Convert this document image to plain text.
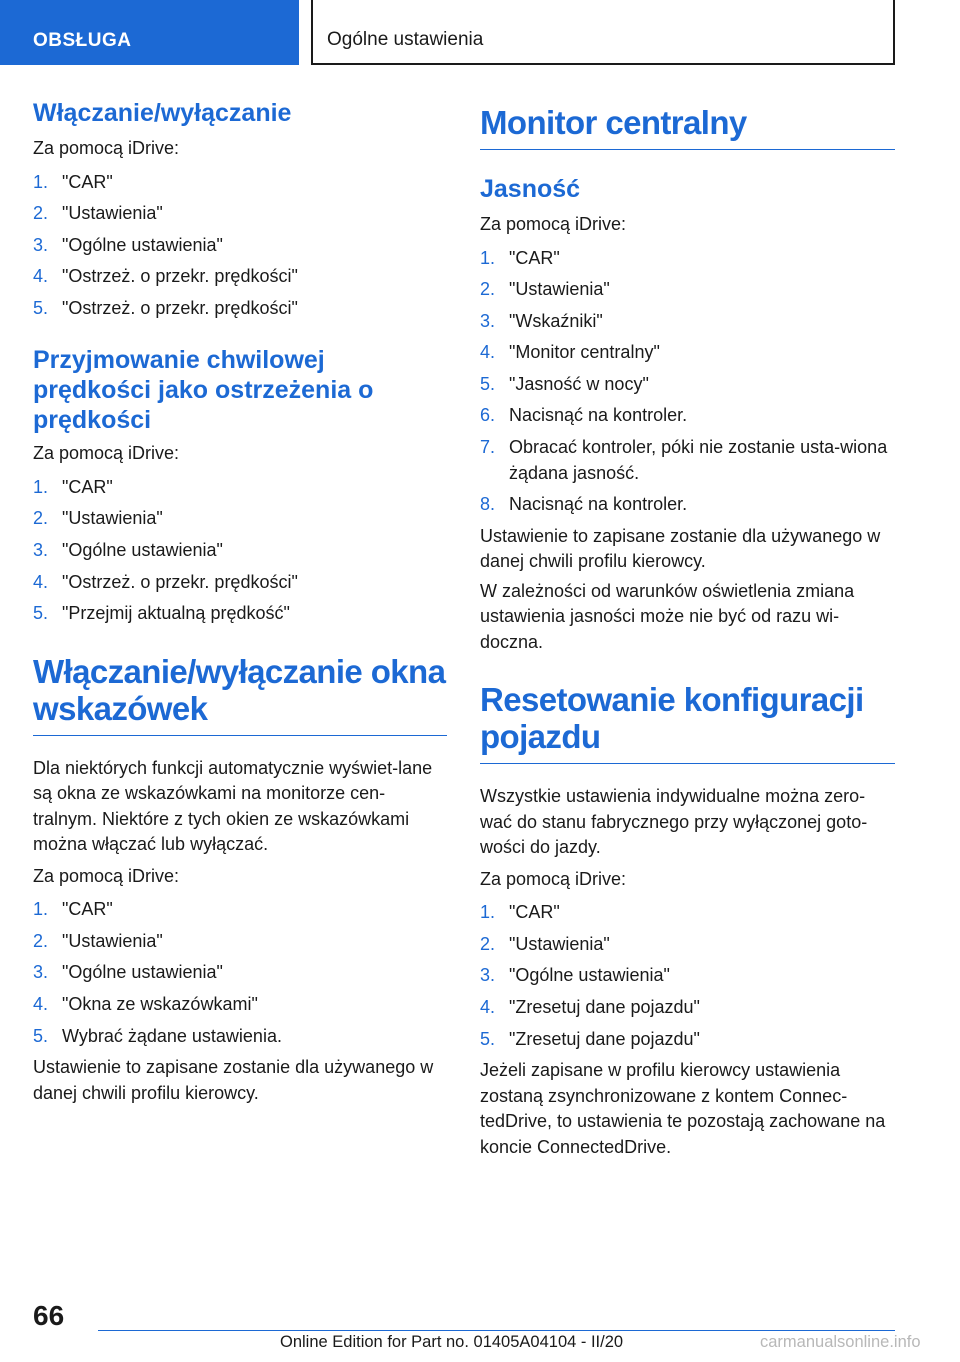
OBSŁUGA	Ogólne ustawienia
Włączanie/wyłączanie

Za pomocą iDrive:

1. "CAR"
2. "Ustawienia"
3. "Ogólne ustawienia"
4. "Ostrzeż. o przekr. prędkości"
5. "Ostrzeż. o przekr. prędkości"
Przyjmowanie chwilowej prędkości jako ostrzeżenia o prędkości

Za pomocą iDrive:

1. "CAR"
2. "Ustawienia"
3. "Ogólne ustawienia"
4. "Ostrzeż. o przekr. prędkości"
5. "Przejmij aktualną prędkość"
Włączanie/wyłączanie okna wskazówek

Dla niektórych funkcji automatycznie wyświet-lane są okna ze wskazówkami na monitorze cen-tralnym. Niektóre z tych okien ze wskazówkami można włączać lub wyłączać.

Za pomocą iDrive:

1. "CAR"
2. "Ustawienia"
3. "Ogólne ustawienia"
4. "Okna ze wskazówkami"
5. Wybrać żądane ustawienia.

Ustawienie to zapisane zostanie dla używanego w danej chwili profilu kierowcy.

Monitor centralny
Jasność

Za pomocą iDrive:

1. "CAR"
2. "Ustawienia"
3. "Wskaźniki"
4. "Monitor centralny"
5. "Jasność w nocy"
6. Nacisnąć na kontroler.
7. Obracać kontroler, póki nie zostanie usta-wiona żądana jasność.
8. Nacisnąć na kontroler.

Ustawienie to zapisane zostanie dla używanego w danej chwili profilu kierowcy.

W zależności od warunków oświetlenia zmiana ustawienia jasności może nie być od razu wi-doczna.

Resetowanie konfiguracji pojazdu

Wszystkie ustawienia indywidualne można zero-wać do stanu fabrycznego przy wyłączonej goto-wości do jazdy.

Za pomocą iDrive:

1. "CAR"
2. "Ustawienia"
3. "Ogólne ustawienia"
4. "Zresetuj dane pojazdu"
5. "Zresetuj dane pojazdu"

Jeżeli zapisane w profilu kierowcy ustawienia zostaną zsynchronizowane z kontem Connec-tedDrive, to ustawienia te pozostają zachowane na koncie ConnectedDrive.

66
Online Edition for Part no. 01405A04104 - II/20	carmanualsonline.info
